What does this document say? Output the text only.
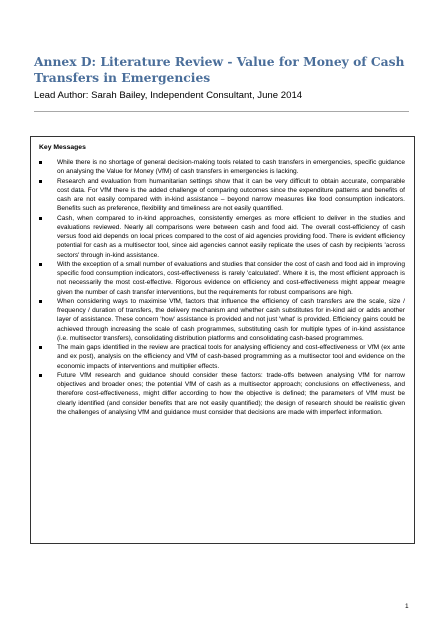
Annex D: Literature Review - Value for Money of Cash Transfers in Emergencies
Lead Author: Sarah Bailey, Independent Consultant, June 2014
Key Messages
While there is no shortage of general decision-making tools related to cash transfers in emergencies, specific guidance on analysing the Value for Money (VfM) of cash transfers in emergencies is lacking.
Research and evaluation from humanitarian settings show that it can be very difficult to obtain accurate, comparable cost data. For VfM there is the added challenge of comparing outcomes since the expenditure patterns and benefits of cash are not easily compared with in-kind assistance – beyond narrow measures like food consumption indicators. Benefits such as preference, flexibility and timeliness are not easily quantified.
Cash, when compared to in-kind approaches, consistently emerges as more efficient to deliver in the studies and evaluations reviewed. Nearly all comparisons were between cash and food aid. The overall cost-efficiency of cash versus food aid depends on local prices compared to the cost of aid agencies providing food. There is evident efficiency potential for cash as a multisector tool, since aid agencies cannot easily replicate the uses of cash by recipients 'across sectors' through in-kind assistance.
With the exception of a small number of evaluations and studies that consider the cost of cash and food aid in improving specific food consumption indicators, cost-effectiveness is rarely 'calculated'. Where it is, the most efficient approach is not necessarily the most cost-effective. Rigorous evidence on efficiency and cost-effectiveness might appear meagre given the number of cash transfer interventions, but the requirements for robust comparisons are high.
When considering ways to maximise VfM, factors that influence the efficiency of cash transfers are the scale, size / frequency / duration of transfers, the delivery mechanism and whether cash substitutes for in-kind aid or adds another layer of assistance. These concern 'how' assistance is provided and not just 'what' is provided. Efficiency gains could be achieved through increasing the scale of cash programmes, substituting cash for multiple types of in-kind assistance (i.e. multisector transfers), consolidating distribution platforms and consolidating cash-based programmes.
The main gaps identified in the review are practical tools for analysing efficiency and cost-effectiveness or VfM (ex ante and ex post), analysis on the efficiency and VfM of cash-based programming as a multisector tool and evidence on the economic impacts of interventions and multiplier effects.
Future VfM research and guidance should consider these factors: trade-offs between analysing VfM for narrow objectives and broader ones; the potential VfM of cash as a multisector approach; conclusions on effectiveness, and therefore cost-effectiveness, might differ according to how the objective is defined; the parameters of VfM must be clearly identified (and consider benefits that are not easily quantified); the design of research should be realistic given the challenges of analysing VfM and guidance must consider that decisions are made with imperfect information.
1
